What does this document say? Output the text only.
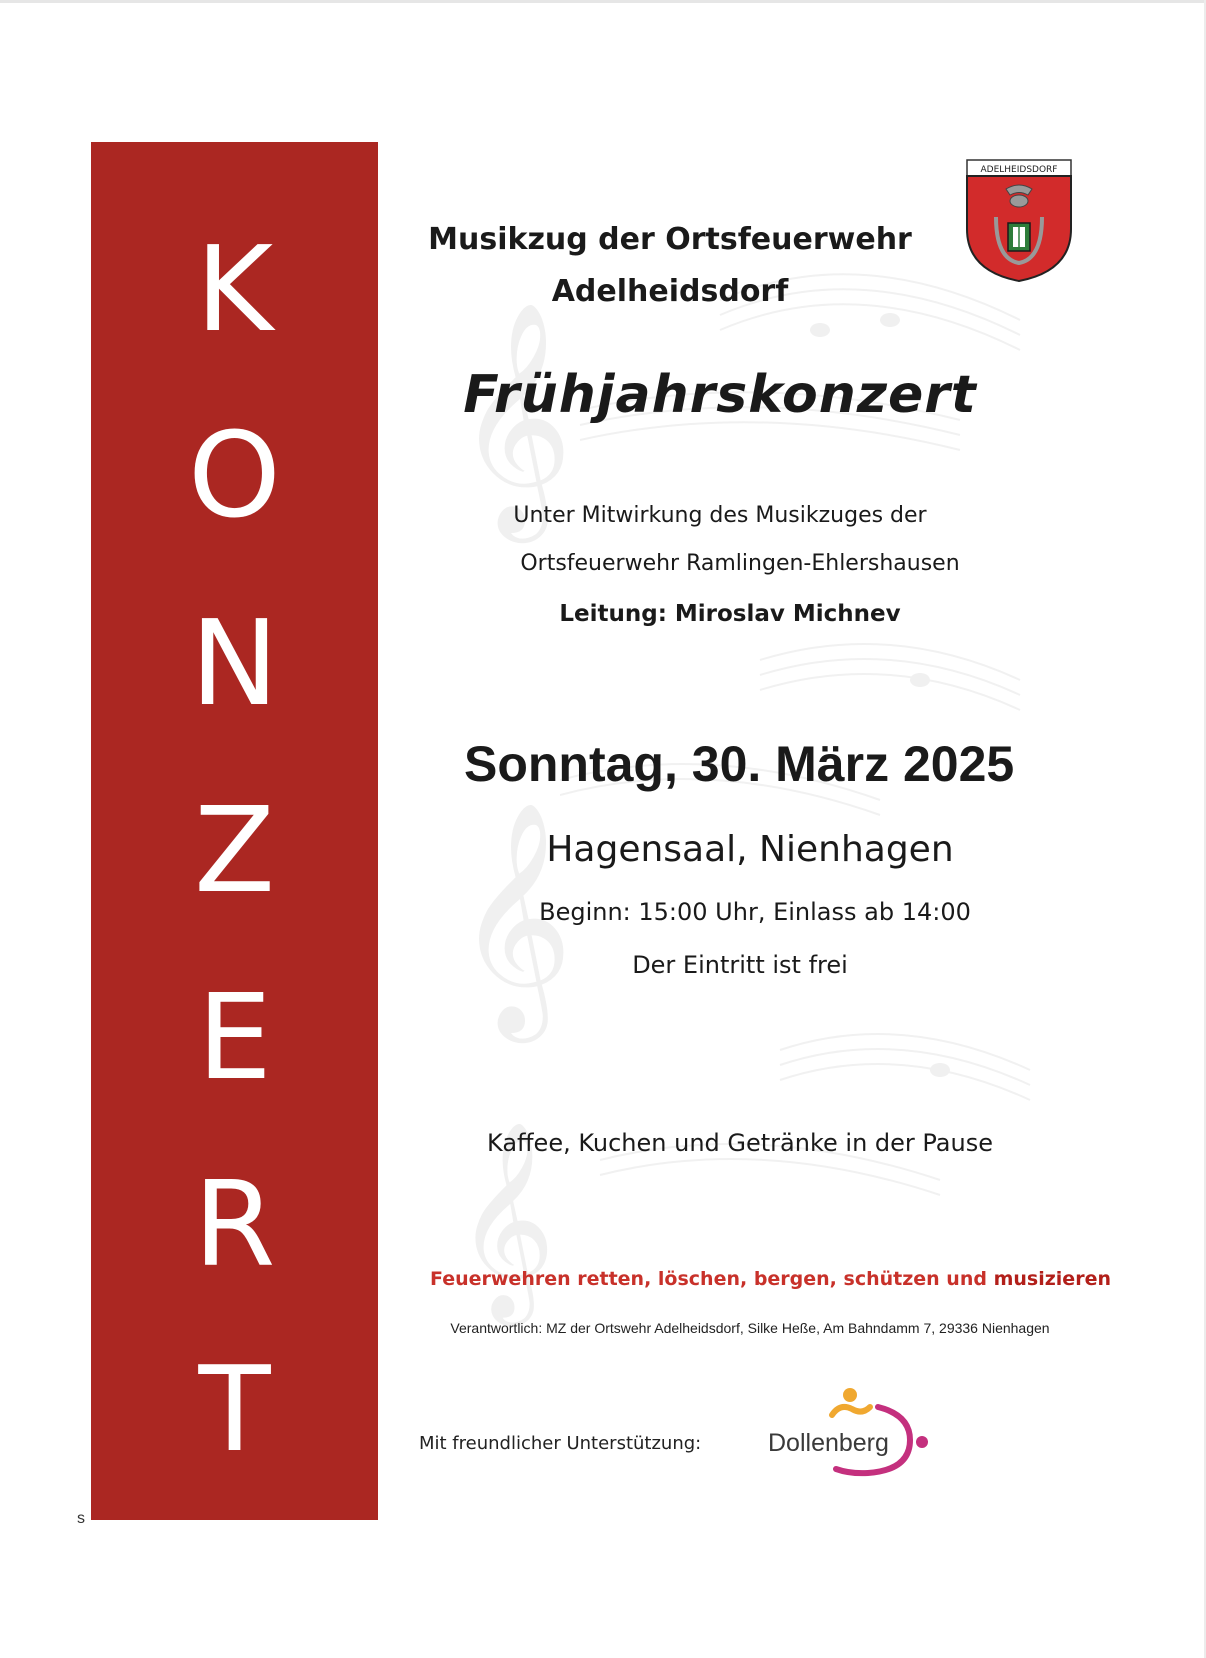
𝄞
𝄞
𝄞
K
O
N
Z
E
R
T
s
ADELHEIDSDORF
Musikzug der Ortsfeuerwehr
Adelheidsdorf
Frühjahrskonzert
Unter Mitwirkung des Musikzuges der
Ortsfeuerwehr Ramlingen-Ehlershausen
Leitung: Miroslav Michnev
Sonntag, 30. März 2025
Hagensaal, Nienhagen
Beginn: 15:00 Uhr, Einlass ab 14:00
Der Eintritt ist frei
Kaffee, Kuchen und Getränke in der Pause
Feuerwehren retten, löschen, bergen, schützen und musizieren
Verantwortlich: MZ der Ortswehr Adelheidsdorf, Silke Heße, Am Bahndamm 7, 29336 Nienhagen
Mit freundlicher Unterstützung:	Dollenberg
